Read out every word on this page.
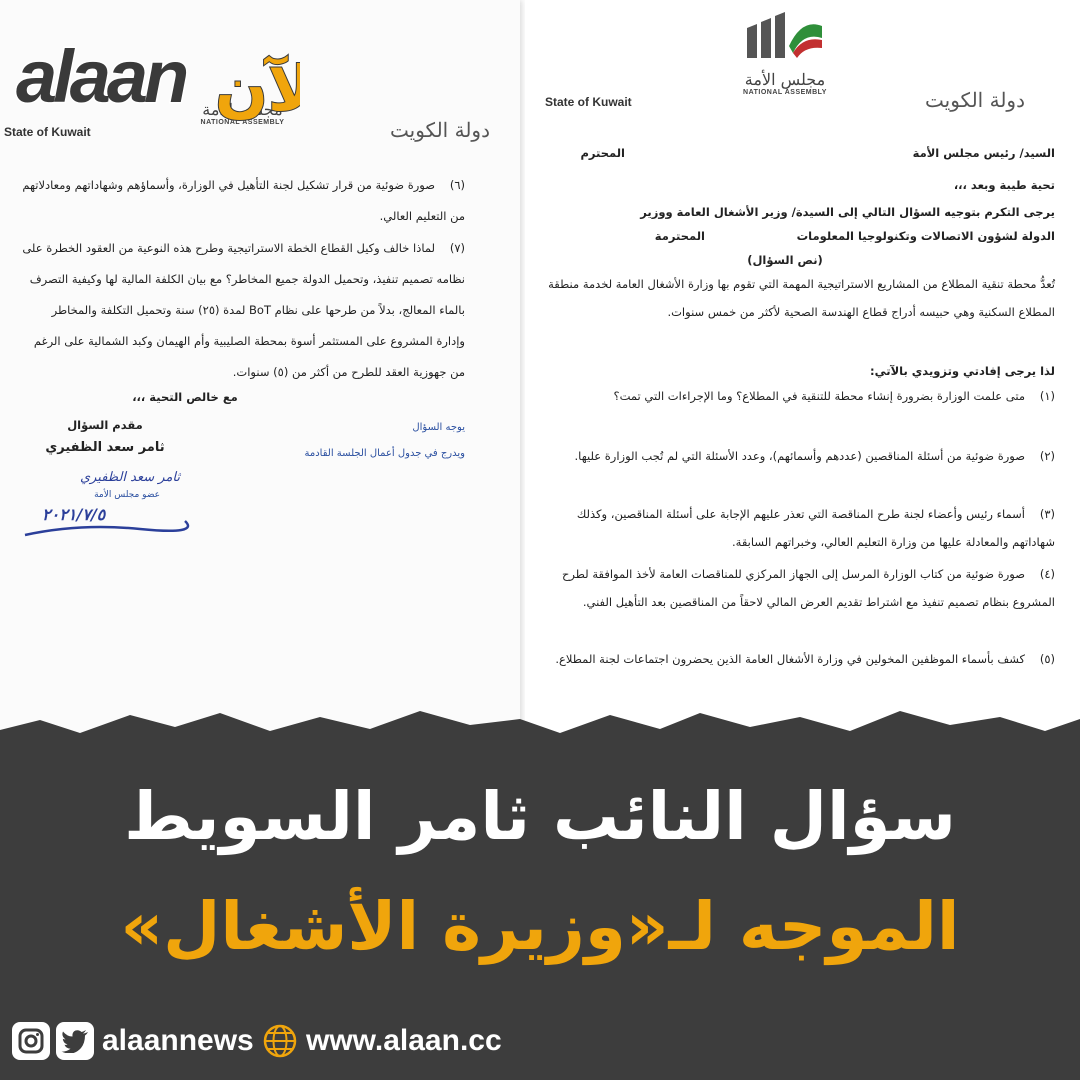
State of Kuwait	دولة الكويت
مجلس الأمة
NATIONAL ASSEMBLY
(٦)صورة ضوئية من قرار تشكيل لجنة التأهيل في الوزارة، وأسماؤهم وشهاداتهم ومعادلاتهم من التعليم العالي.
(٧)لماذا خالف وكيل القطاع الخطة الاستراتيجية وطرح هذه النوعية من العقود الخطرة على نظامه تصميم تنفيذ، وتحميل الدولة جميع المخاطر؟ مع بيان الكلفة المالية لها وكيفية التصرف بالماء المعالج، بدلاً من طرحها على نظام BoT لمدة (٢٥) سنة وتحميل التكلفة والمخاطر وإدارة المشروع على المستثمر أسوة بمحطة الصليبية وأم الهيمان وكبد الشمالية على الرغم من جهوزية العقد للطرح من أكثر من (٥) سنوات.
مع خالص التحية ،،،
مقدم السؤال
ثامر سعد الظفيري
يوجه السؤال
ويدرج في جدول أعمال الجلسة القادمة
ثامر سعد الظفيري
عضو مجلس الأمة
٢٠٢١/٧/٥
State of Kuwait	دولة الكويت
مجلس الأمة
NATIONAL ASSEMBLY
السيد/ رئيس مجلس الأمة
المحترم
تحية طيبة وبعد ،،،
يرجى التكرم بتوجيه السؤال التالي إلى السيدة/ وزير الأشغال العامة ووزير
الدولة لشؤون الاتصالات وتكنولوجيا المعلومات
المحترمة
(نص السؤال)
تُعدُّ محطة تنقية المطلاع من المشاريع الاستراتيجية المهمة التي تقوم بها وزارة الأشغال العامة لخدمة منطقة المطلاع السكنية وهي حبيسه أدراج قطاع الهندسة الصحية لأكثر من خمس سنوات.
لذا يرجى إفادتي وتزويدي بالآتي:
(١)متى علمت الوزارة بضرورة إنشاء محطة للتنقية في المطلاع؟ وما الإجراءات التي تمت؟
(٢)صورة ضوئية من أسئلة المناقصين (عددهم وأسمائهم)، وعدد الأسئلة التي لم تُجب الوزارة عليها.
(٣)أسماء رئيس وأعضاء لجنة طرح المناقصة التي تعذر عليهم الإجابة على أسئلة المناقصين، وكذلك شهاداتهم والمعادلة عليها من وزارة التعليم العالي، وخبراتهم السابقة.
(٤)صورة ضوئية من كتاب الوزارة المرسل إلى الجهاز المركزي للمناقصات العامة لأخذ الموافقة لطرح المشروع بنظام تصميم تنفيذ مع اشتراط تقديم العرض المالي لاحقاً من المناقصين بعد التأهيل الفني.
(٥)كشف بأسماء الموظفين المخولين في وزارة الأشغال العامة الذين يحضرون اجتماعات لجنة المطلاع.
alaan	آن
سؤال النائب ثامر السويط
الموجه لـ«وزيرة الأشغال»
alaannews www.alaan.cc
